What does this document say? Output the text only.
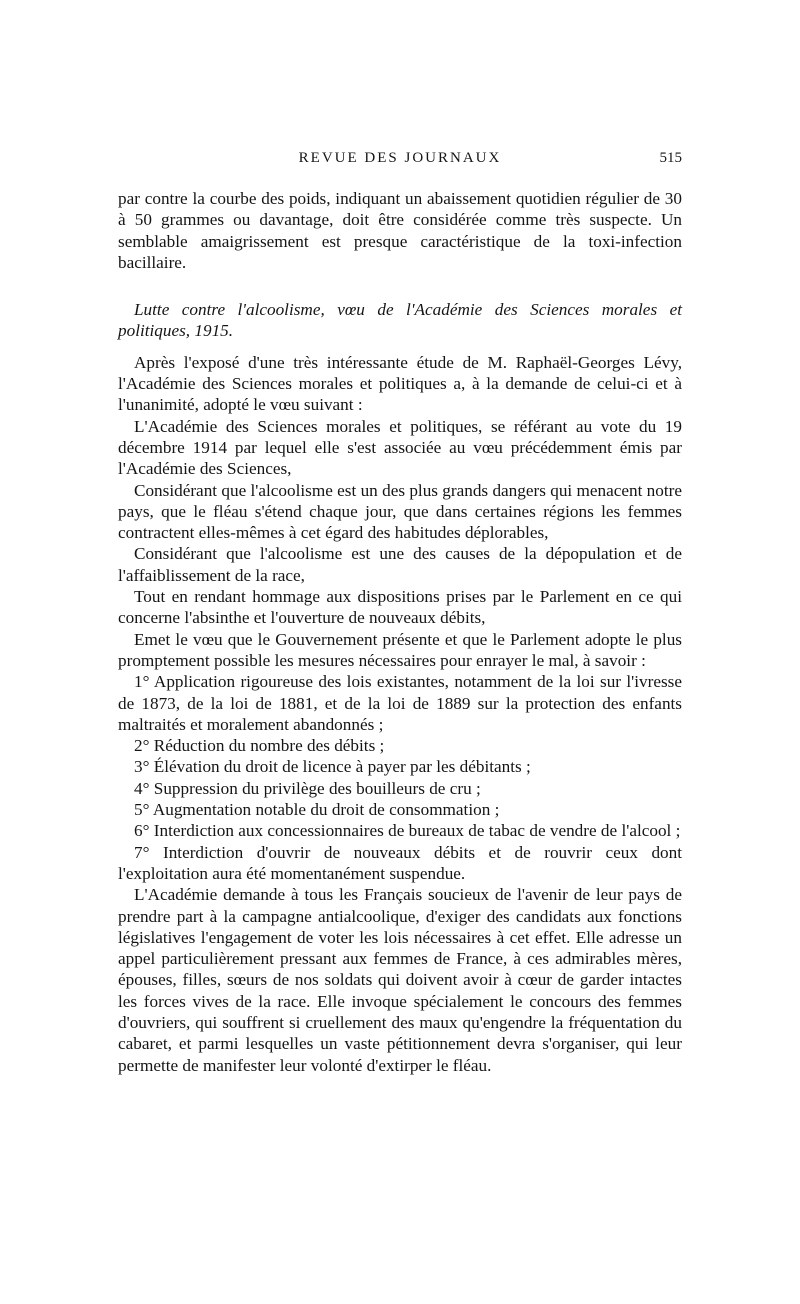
REVUE DES JOURNAUX	515

par contre la courbe des poids, indiquant un abaissement quotidien régulier de 30 à 50 grammes ou davantage, doit être considérée comme très suspecte. Un semblable amaigrissement est presque caractéristique de la toxi-infection bacillaire.

Lutte contre l'alcoolisme, vœu de l'Académie des Sciences morales et politiques, 1915.

Après l'exposé d'une très intéressante étude de M. Raphaël-Georges Lévy, l'Académie des Sciences morales et politiques a, à la demande de celui-ci et à l'unanimité, adopté le vœu suivant :

L'Académie des Sciences morales et politiques, se référant au vote du 19 décembre 1914 par lequel elle s'est associée au vœu précédemment émis par l'Académie des Sciences,

Considérant que l'alcoolisme est un des plus grands dangers qui menacent notre pays, que le fléau s'étend chaque jour, que dans certaines régions les femmes contractent elles-mêmes à cet égard des habitudes déplorables,

Considérant que l'alcoolisme est une des causes de la dépopulation et de l'affaiblissement de la race,

Tout en rendant hommage aux dispositions prises par le Parlement en ce qui concerne l'absinthe et l'ouverture de nouveaux débits,

Emet le vœu que le Gouvernement présente et que le Parlement adopte le plus promptement possible les mesures nécessaires pour enrayer le mal, à savoir :

1° Application rigoureuse des lois existantes, notamment de la loi sur l'ivresse de 1873, de la loi de 1881, et de la loi de 1889 sur la protection des enfants maltraités et moralement abandonnés ;

2° Réduction du nombre des débits ;

3° Élévation du droit de licence à payer par les débitants ;

4° Suppression du privilège des bouilleurs de cru ;

5° Augmentation notable du droit de consommation ;

6° Interdiction aux concessionnaires de bureaux de tabac de vendre de l'alcool ;

7° Interdiction d'ouvrir de nouveaux débits et de rouvrir ceux dont l'exploitation aura été momentanément suspendue.

L'Académie demande à tous les Français soucieux de l'avenir de leur pays de prendre part à la campagne antialcoolique, d'exiger des candidats aux fonctions législatives l'engagement de voter les lois nécessaires à cet effet. Elle adresse un appel particulièrement pressant aux femmes de France, à ces admirables mères, épouses, filles, sœurs de nos soldats qui doivent avoir à cœur de garder intactes les forces vives de la race. Elle invoque spécialement le concours des femmes d'ouvriers, qui souffrent si cruellement des maux qu'engendre la fréquentation du cabaret, et parmi lesquelles un vaste pétitionnement devra s'organiser, qui leur permette de manifester leur volonté d'extirper le fléau.
